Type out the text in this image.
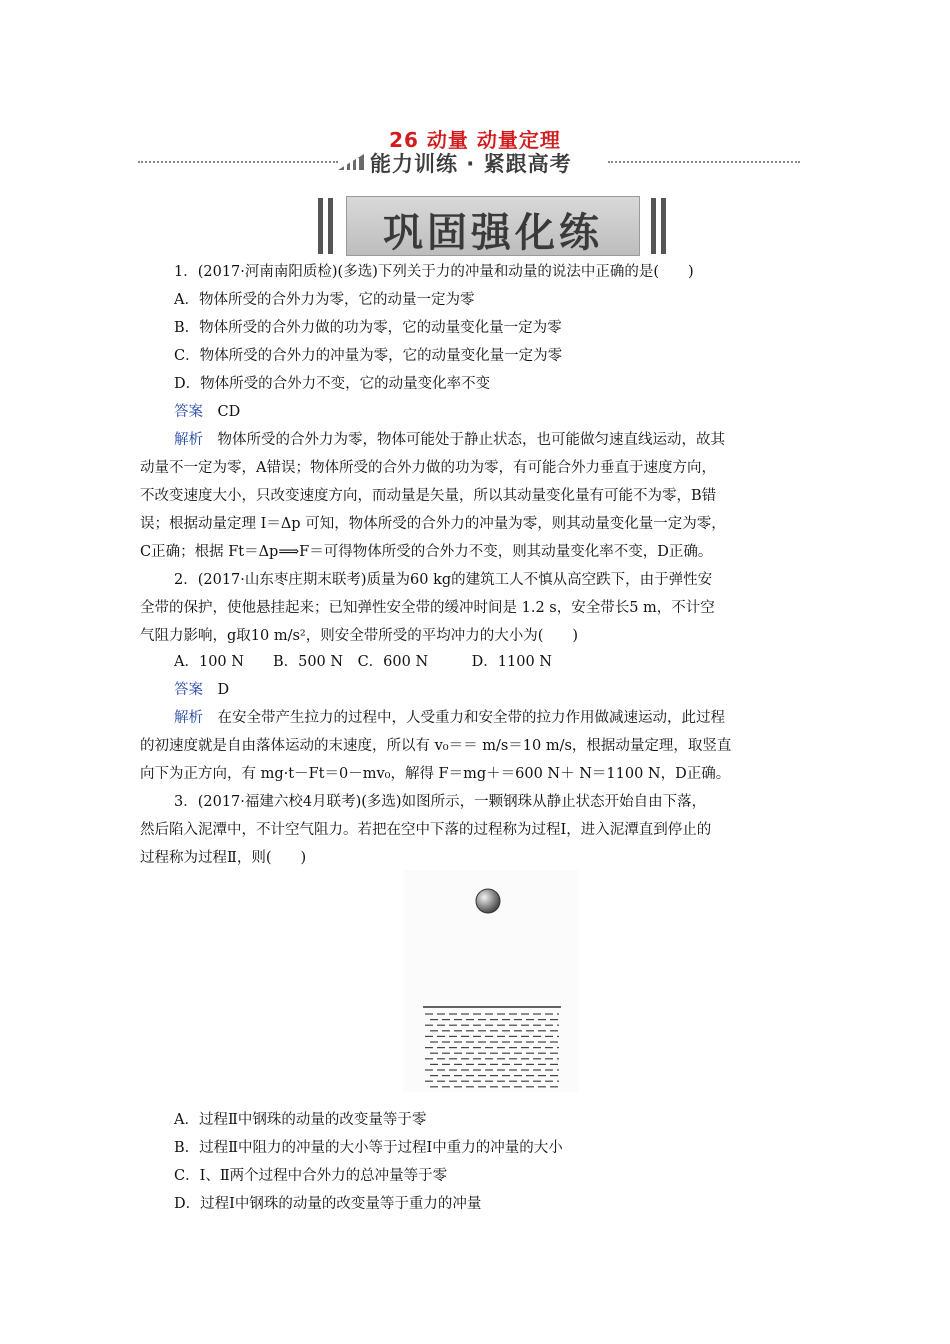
26 动量 动量定理
能力训练 · 紧跟高考
巩固强化练
1．(2017·河南南阳质检)(多选)下列关于力的冲量和动量的说法中正确的是(　　)
A．物体所受的合外力为零，它的动量一定为零
B．物体所受的合外力做的功为零，它的动量变化量一定为零
C．物体所受的合外力的冲量为零，它的动量变化量一定为零
D．物体所受的合外力不变，它的动量变化率不变
答案　 CD
解析　 物体所受的合外力为零，物体可能处于静止状态，也可能做匀速直线运动，故其
动量不一定为零，A错误；物体所受的合外力做的功为零，有可能合外力垂直于速度方向，
不改变速度大小，只改变速度方向，而动量是矢量，所以其动量变化量有可能不为零，B错
误；根据动量定理 I＝Δp 可知，物体所受的合外力的冲量为零，则其动量变化量一定为零，
C正确；根据 Ft＝Δp⟹F＝可得物体所受的合外力不变，则其动量变化率不变，D正确。
2．(2017·山东枣庄期末联考)质量为60 kg的建筑工人不慎从高空跌下，由于弹性安
全带的保护，使他悬挂起来；已知弹性安全带的缓冲时间是 1.2 s，安全带长5 m，不计空
气阻力影响，g取10 m/s²，则安全带所受的平均冲力的大小为(　　)
A．100 N　　B．500 N　C．600 N　　　D．1100 N
答案　 D
解析　 在安全带产生拉力的过程中，人受重力和安全带的拉力作用做减速运动，此过程
的初速度就是自由落体运动的末速度，所以有 v₀＝＝ m/s＝10 m/s，根据动量定理，取竖直
向下为正方向，有 mg·t－Ft＝0－mv₀，解得 F＝mg＋＝600 N＋ N＝1100 N，D正确。
3．(2017·福建六校4月联考)(多选)如图所示，一颗钢珠从静止状态开始自由下落，
然后陷入泥潭中，不计空气阻力。若把在空中下落的过程称为过程Ⅰ，进入泥潭直到停止的
过程称为过程Ⅱ，则(　　)
A．过程Ⅱ中钢珠的动量的改变量等于零
B．过程Ⅱ中阻力的冲量的大小等于过程Ⅰ中重力的冲量的大小
C．Ⅰ、Ⅱ两个过程中合外力的总冲量等于零
D．过程Ⅰ中钢珠的动量的改变量等于重力的冲量
